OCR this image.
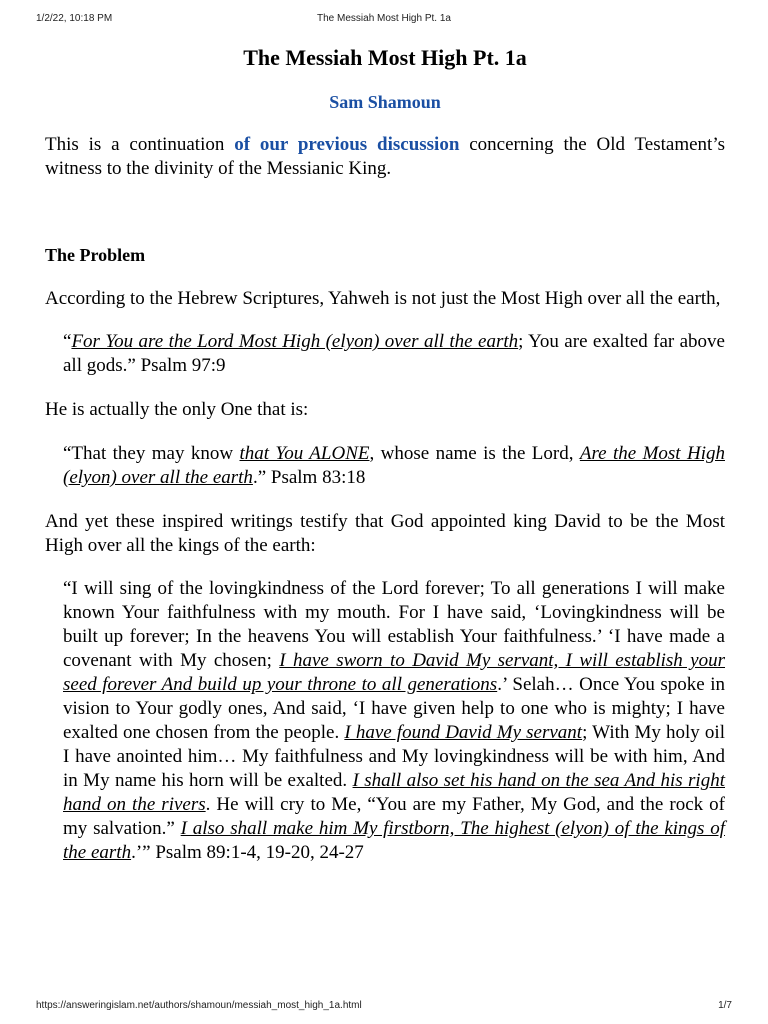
1/2/22, 10:18 PM	The Messiah Most High Pt. 1a
The Messiah Most High Pt. 1a
Sam Shamoun

This is a continuation of our previous discussion concerning the Old Testament’s witness to the divinity of the Messianic King.

The Problem

According to the Hebrew Scriptures, Yahweh is not just the Most High over all the earth,

“For You are the Lord Most High (elyon) over all the earth; You are exalted far above all gods.” Psalm 97:9

He is actually the only One that is:

“That they may know that You ALONE, whose name is the Lord, Are the Most High (elyon) over all the earth.” Psalm 83:18

And yet these inspired writings testify that God appointed king David to be the Most High over all the kings of the earth:

“I will sing of the lovingkindness of the Lord forever; To all generations I will make known Your faithfulness with my mouth. For I have said, ‘Lovingkindness will be built up forever; In the heavens You will establish Your faithfulness.’ ‘I have made a covenant with My chosen; I have sworn to David My servant, I will establish your seed forever And build up your throne to all generations.’ Selah… Once You spoke in vision to Your godly ones, And said, ‘I have given help to one who is mighty; I have exalted one chosen from the people. I have found David My servant; With My holy oil I have anointed him… My faithfulness and My lovingkindness will be with him, And in My name his horn will be exalted. I shall also set his hand on the sea And his right hand on the rivers. He will cry to Me, “You are my Father, My God, and the rock of my salvation.” I also shall make him My firstborn, The highest (elyon) of the kings of the earth.’” Psalm 89:1-4, 19-20, 24-27

https://answeringislam.net/authors/shamoun/messiah_most_high_1a.html	1/7
